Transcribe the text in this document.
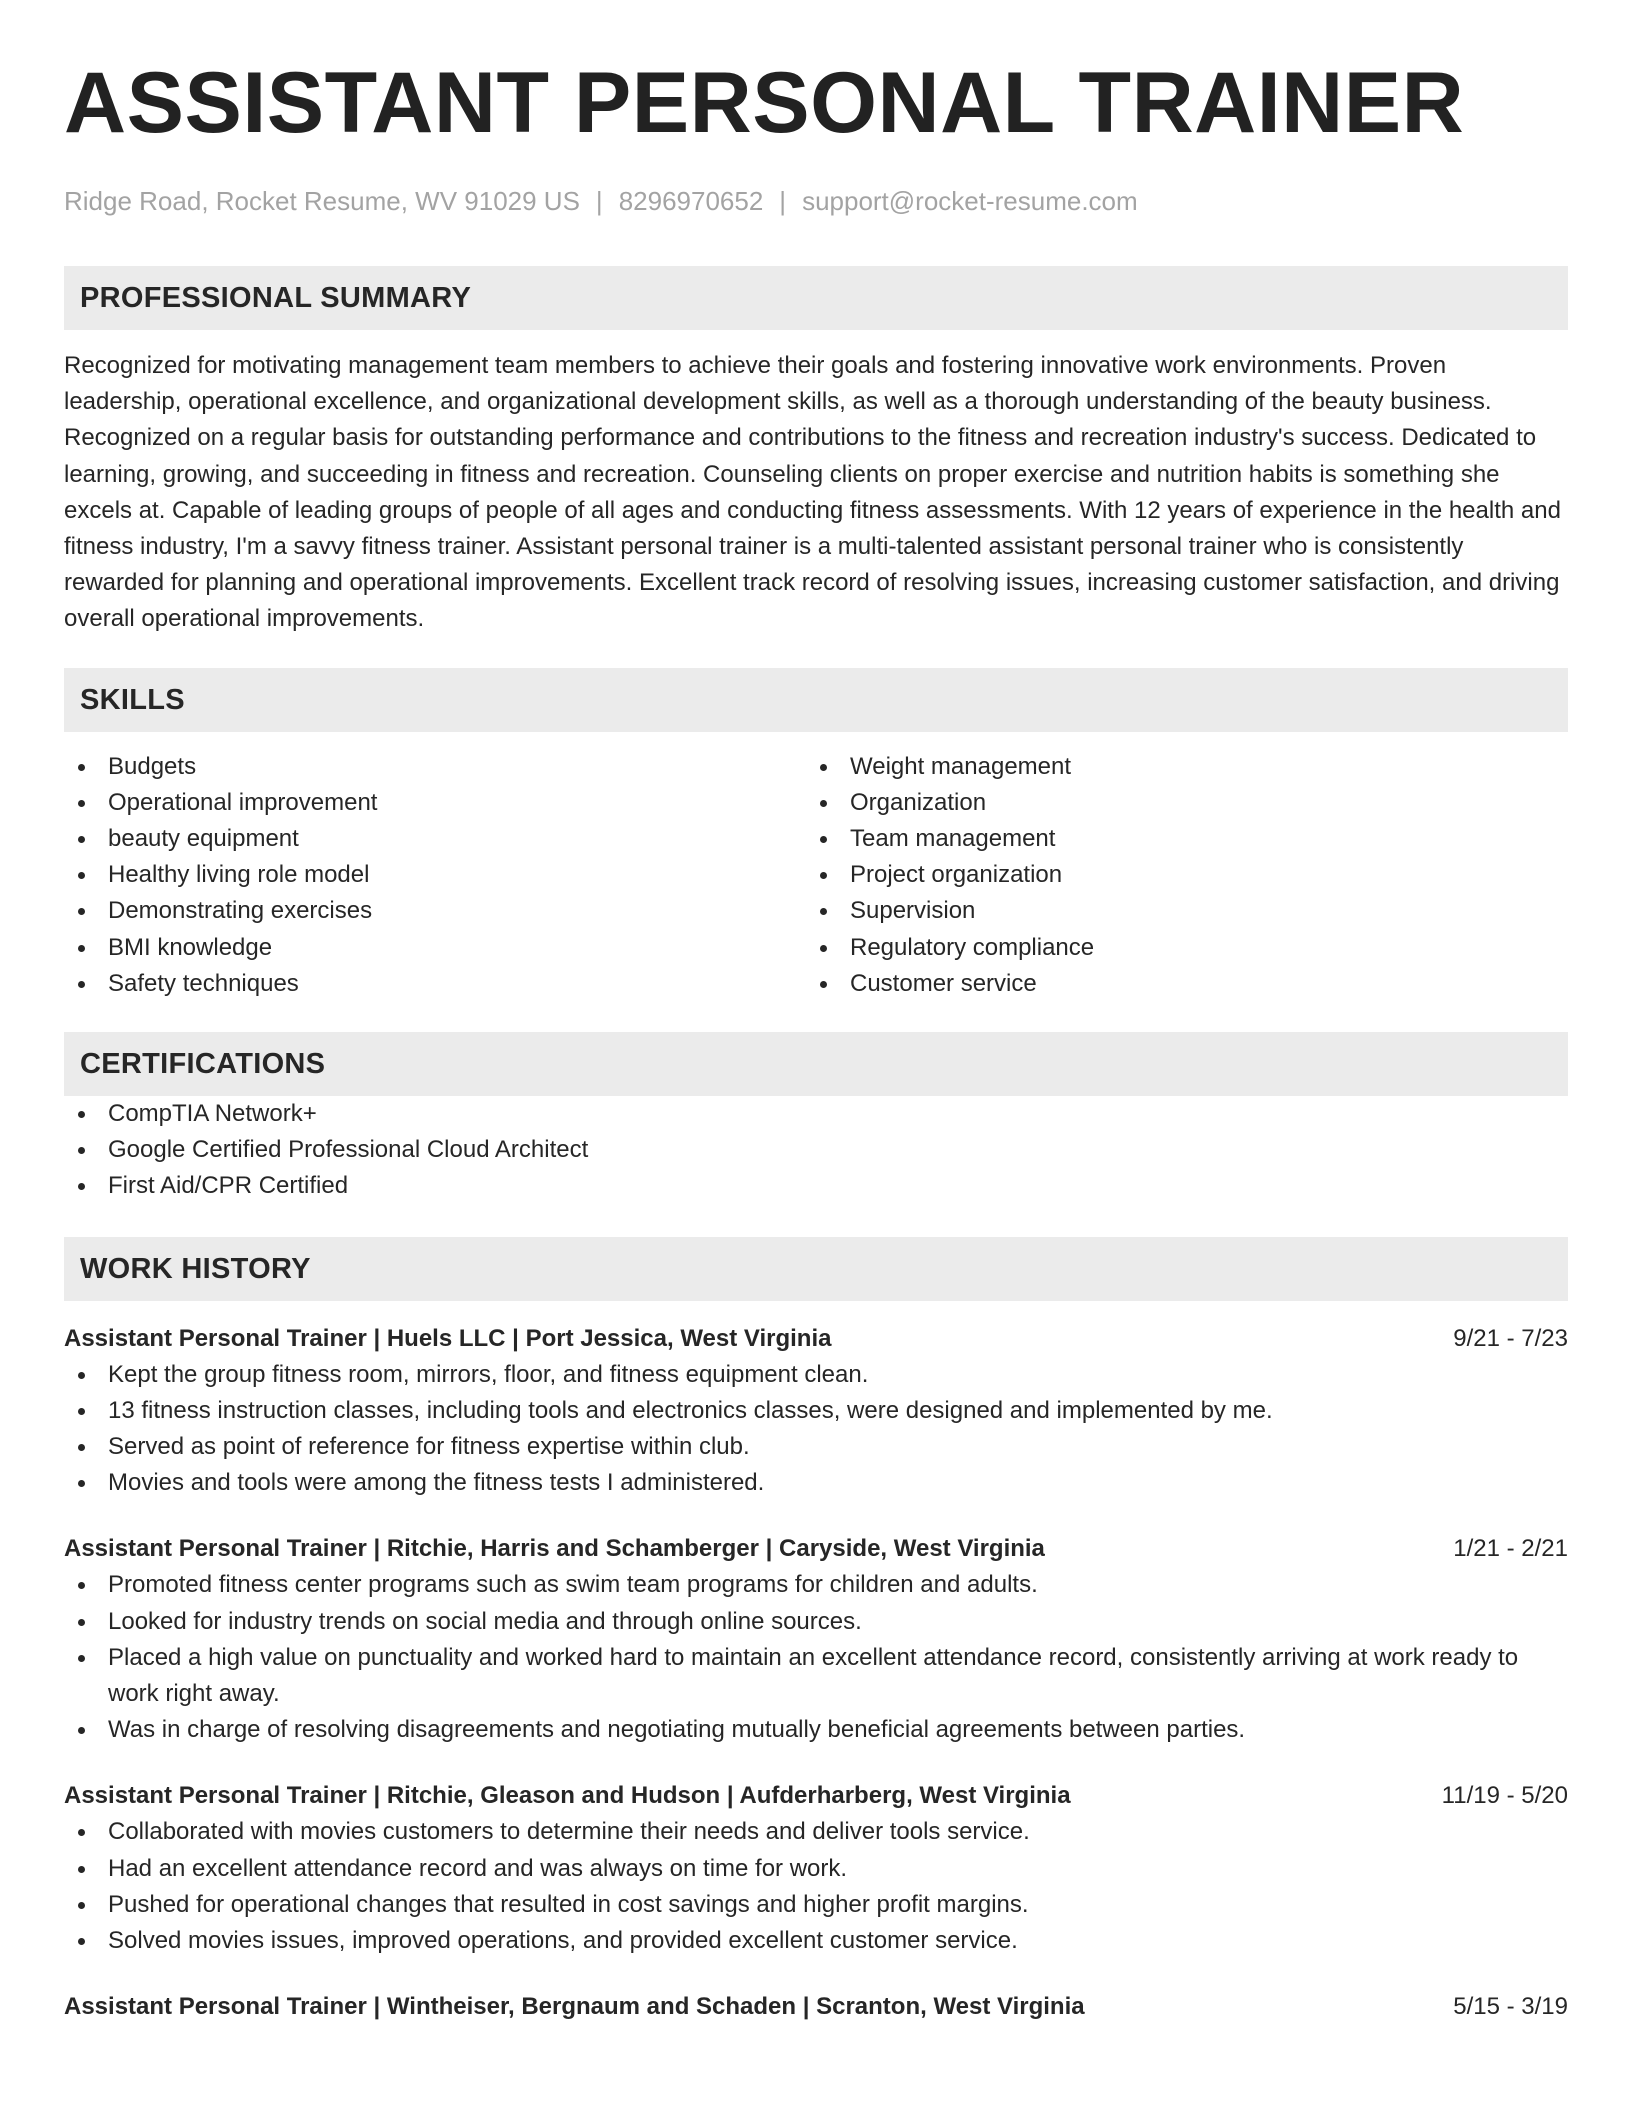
ASSISTANT PERSONAL TRAINER
Ridge Road, Rocket Resume, WV 91029 US | 8296970652 | support@rocket-resume.com
PROFESSIONAL SUMMARY
Recognized for motivating management team members to achieve their goals and fostering innovative work environments. Proven leadership, operational excellence, and organizational development skills, as well as a thorough understanding of the beauty business. Recognized on a regular basis for outstanding performance and contributions to the fitness and recreation industry's success. Dedicated to learning, growing, and succeeding in fitness and recreation. Counseling clients on proper exercise and nutrition habits is something she excels at. Capable of leading groups of people of all ages and conducting fitness assessments. With 12 years of experience in the health and fitness industry, I'm a savvy fitness trainer. Assistant personal trainer is a multi-talented assistant personal trainer who is consistently rewarded for planning and operational improvements. Excellent track record of resolving issues, increasing customer satisfaction, and driving overall operational improvements.
SKILLS
Budgets
Operational improvement
beauty equipment
Healthy living role model
Demonstrating exercises
BMI knowledge
Safety techniques
Weight management
Organization
Team management
Project organization
Supervision
Regulatory compliance
Customer service
CERTIFICATIONS
CompTIA Network+
Google Certified Professional Cloud Architect
First Aid/CPR Certified
WORK HISTORY
Assistant Personal Trainer | Huels LLC | Port Jessica, West Virginia	9/21 - 7/23
Kept the group fitness room, mirrors, floor, and fitness equipment clean.
13 fitness instruction classes, including tools and electronics classes, were designed and implemented by me.
Served as point of reference for fitness expertise within club.
Movies and tools were among the fitness tests I administered.
Assistant Personal Trainer | Ritchie, Harris and Schamberger | Caryside, West Virginia	1/21 - 2/21
Promoted fitness center programs such as swim team programs for children and adults.
Looked for industry trends on social media and through online sources.
Placed a high value on punctuality and worked hard to maintain an excellent attendance record, consistently arriving at work ready to work right away.
Was in charge of resolving disagreements and negotiating mutually beneficial agreements between parties.
Assistant Personal Trainer | Ritchie, Gleason and Hudson | Aufderharberg, West Virginia	11/19 - 5/20
Collaborated with movies customers to determine their needs and deliver tools service.
Had an excellent attendance record and was always on time for work.
Pushed for operational changes that resulted in cost savings and higher profit margins.
Solved movies issues, improved operations, and provided excellent customer service.
Assistant Personal Trainer | Wintheiser, Bergnaum and Schaden | Scranton, West Virginia	5/15 - 3/19
